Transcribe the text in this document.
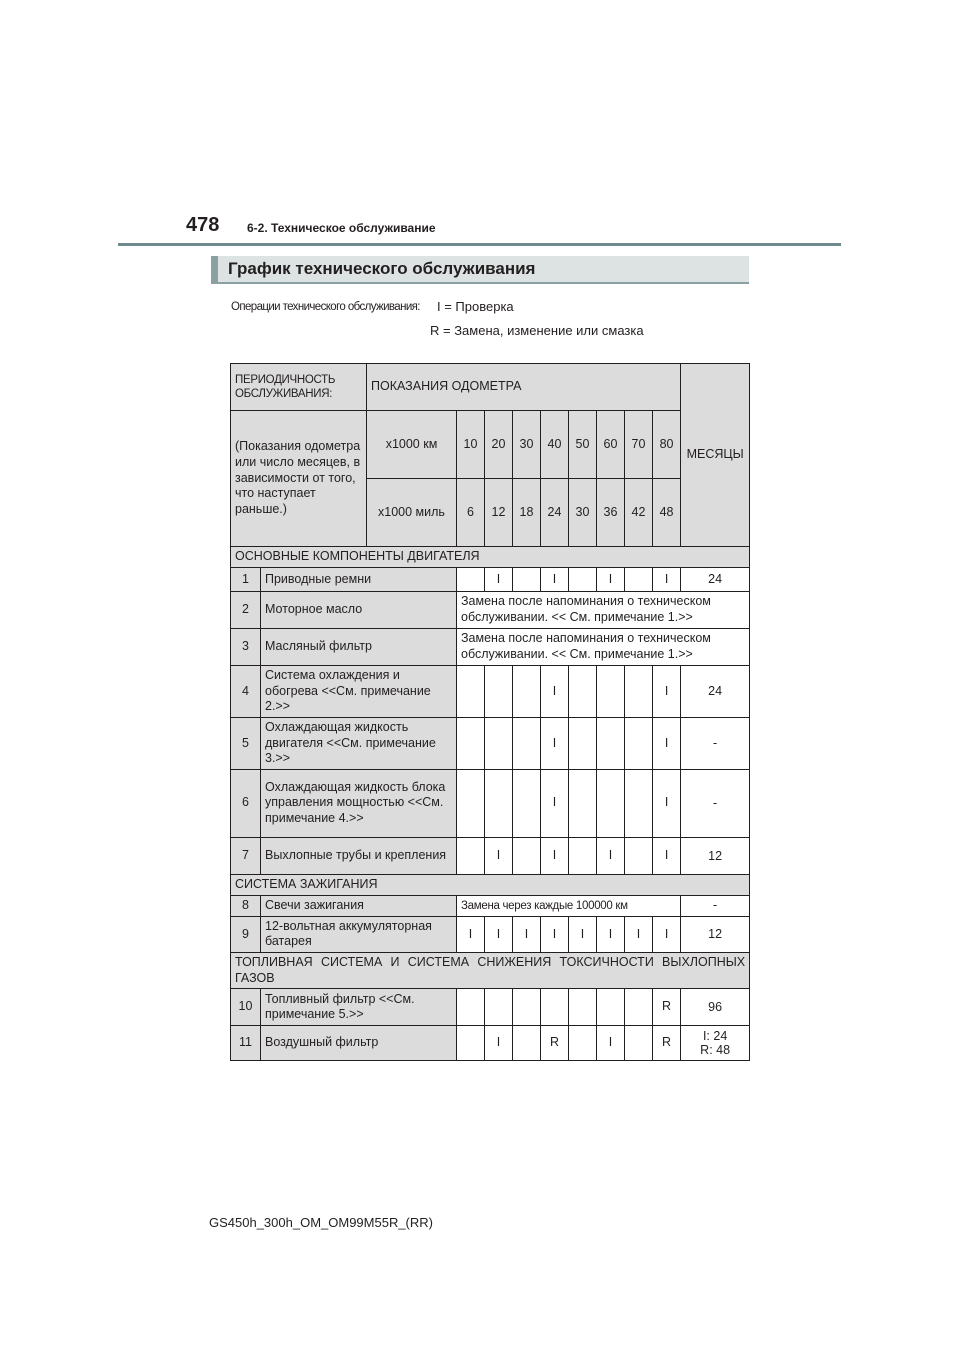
478 6-2. Техническое обслуживание
График технического обслуживания
Операции технического обслуживания: I = Проверка
R = Замена, изменение или смазка
ПЕРИОДИЧНОСТЬ ОБСЛУЖИВАНИЯ:		ПОКАЗАНИЯ ОДОМЕТРА									МЕСЯЦЫ
(Показания одометра или число месяцев, в зависимости от того, что наступает раньше.)		x1000 км	10	20	30	40	50	60	70	80	
		x1000 миль	6	12	18	24	30	36	42	48	
ОСНОВНЫЕ КОМПОНЕНТЫ ДВИГАТЕЛЯ											
1	Приводные ремни			I		I		I		I	24
2	Моторное масло		Замена после напоминания о техническом обслуживании. << См. примечание 1.>>								
3	Масляный фильтр		Замена после напоминания о техническом обслуживании. << См. примечание 1.>>								
4	Система охлаждения и обогрева <<См. примечание 2.>>					I				I	24
5	Охлаждающая жидкость двигателя <<См. примечание 3.>>					I				I	-
6	Охлаждающая жидкость блока управления мощностью <<См. примечание 4.>>					I				I	-
7	Выхлопные трубы и крепления			I		I		I		I	12
СИСТЕМА ЗАЖИГАНИЯ											
8	Свечи зажигания		Замена через каждые 100000 км								-
9	12-вольтная аккумуляторная батарея		I	I	I	I	I	I	I	I	12
ТОПЛИВНАЯ СИСТЕМА И СИСТЕМА СНИЖЕНИЯ ТОКСИЧНОСТИ ВЫХЛОПНЫХ ГАЗОВ											
10	Топливный фильтр <<См. примечание 5.>>									R	96
11	Воздушный фильтр			I		R		I		R	I: 24
R: 48
GS450h_300h_OM_OM99M55R_(RR)
